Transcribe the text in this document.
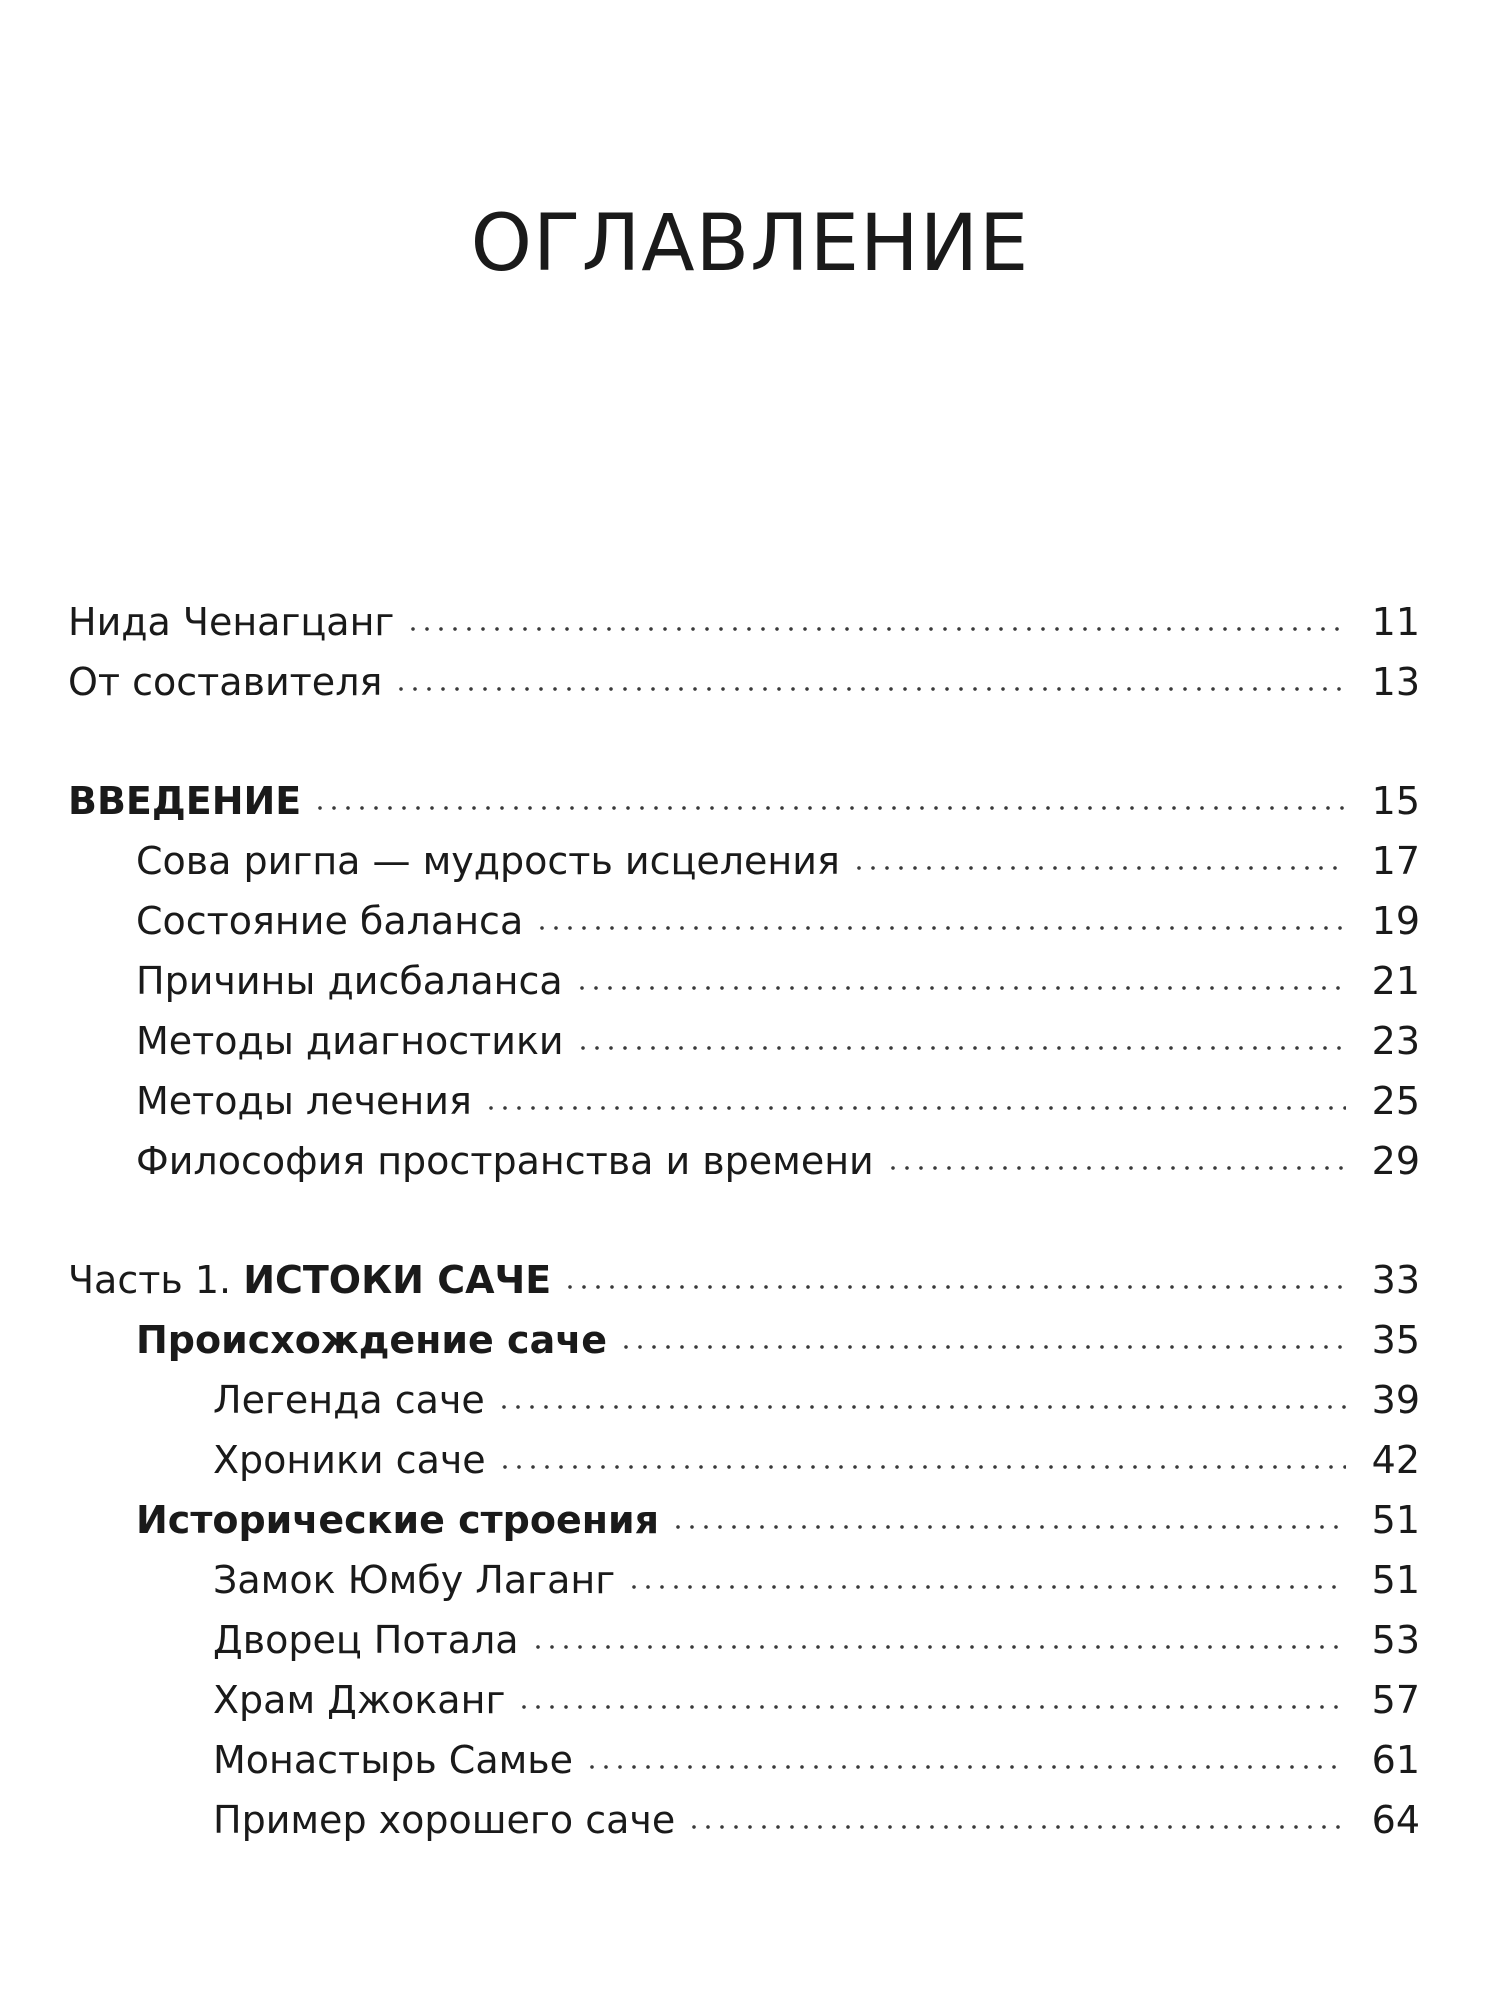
ОГЛАВЛЕНИЕ
Нида Ченагцанг	11
От составителя	13
ВВЕДЕНИЕ	15
Сова ригпа — мудрость исцеления	17
Состояние баланса	19
Причины дисбаланса	21
Методы диагностики	23
Методы лечения	25
Философия пространства и времени	29
Часть 1. ИСТОКИ САЧЕ	33
Происхождение саче	35
Легенда саче	39
Хроники саче	42
Исторические строения	51
Замок Юмбу Лаганг	51
Дворец Потала	53
Храм Джоканг	57
Монастырь Самье	61
Пример хорошего саче	64
